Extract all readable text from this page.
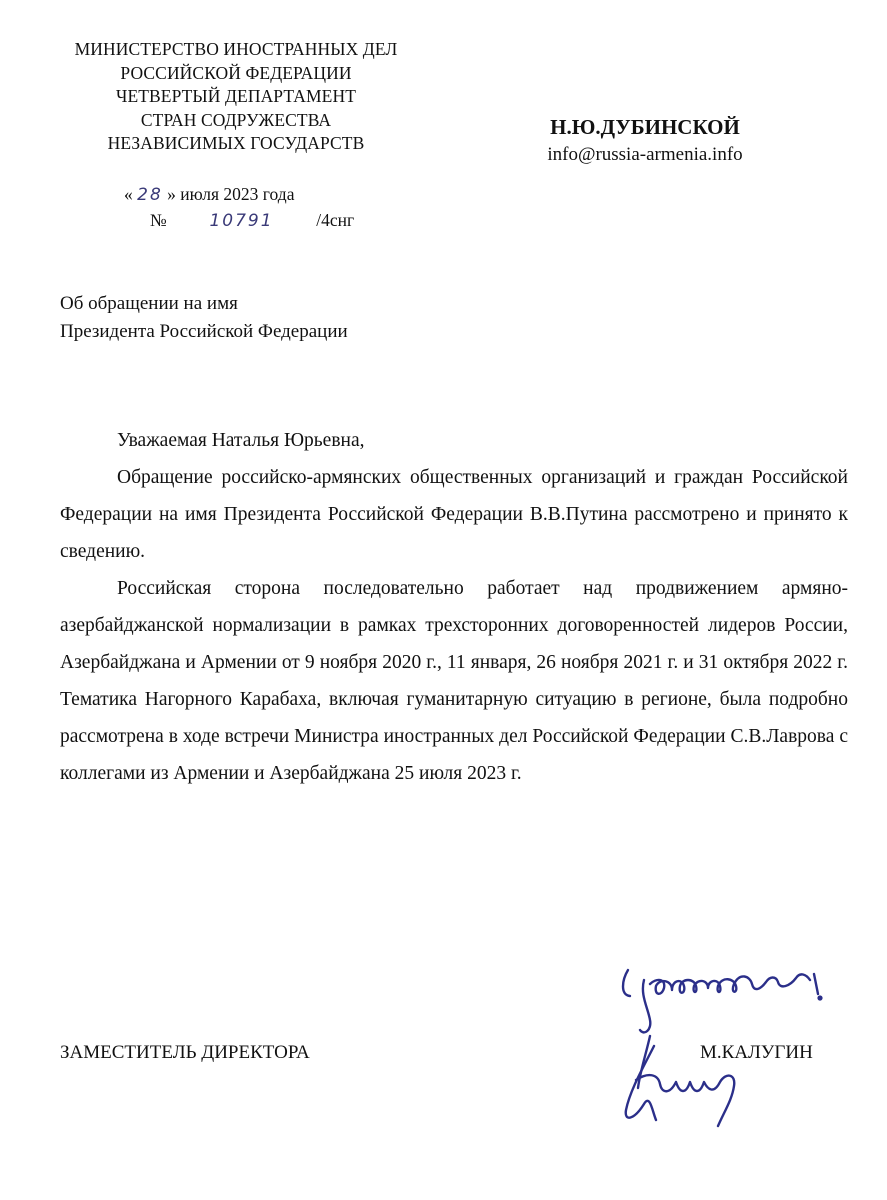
МИНИСТЕРСТВО ИНОСТРАННЫХ ДЕЛ
РОССИЙСКОЙ ФЕДЕРАЦИИ
ЧЕТВЕРТЫЙ ДЕПАРТАМЕНТ
СТРАН СОДРУЖЕСТВА
НЕЗАВИСИМЫХ ГОСУДАРСТВ
Н.Ю.ДУБИНСКОЙ
info@russia-armenia.info
« 28 » июля 2023 года
№	10791 /4снг
Об обращении на имя
Президента Российской Федерации

Уважаемая Наталья Юрьевна,

Обращение российско-армянских общественных организаций и граждан Российской Федерации на имя Президента Российской Федерации В.В.Путина рассмотрено и принято к сведению.

Российская сторона последовательно работает над продвижением армяно-азербайджанской нормализации в рамках трехсторонних договоренностей лидеров России, Азербайджана и Армении от 9 ноября 2020 г., 11 января, 26 ноября 2021 г. и 31 октября 2022 г. Тематика Нагорного Карабаха, включая гуманитарную ситуацию в регионе, была подробно рассмотрена в ходе встречи Министра иностранных дел Российской Федерации С.В.Лаврова с коллегами из Армении и Азербайджана 25 июля 2023 г.

ЗАМЕСТИТЕЛЬ ДИРЕКТОРА	М.КАЛУГИН
